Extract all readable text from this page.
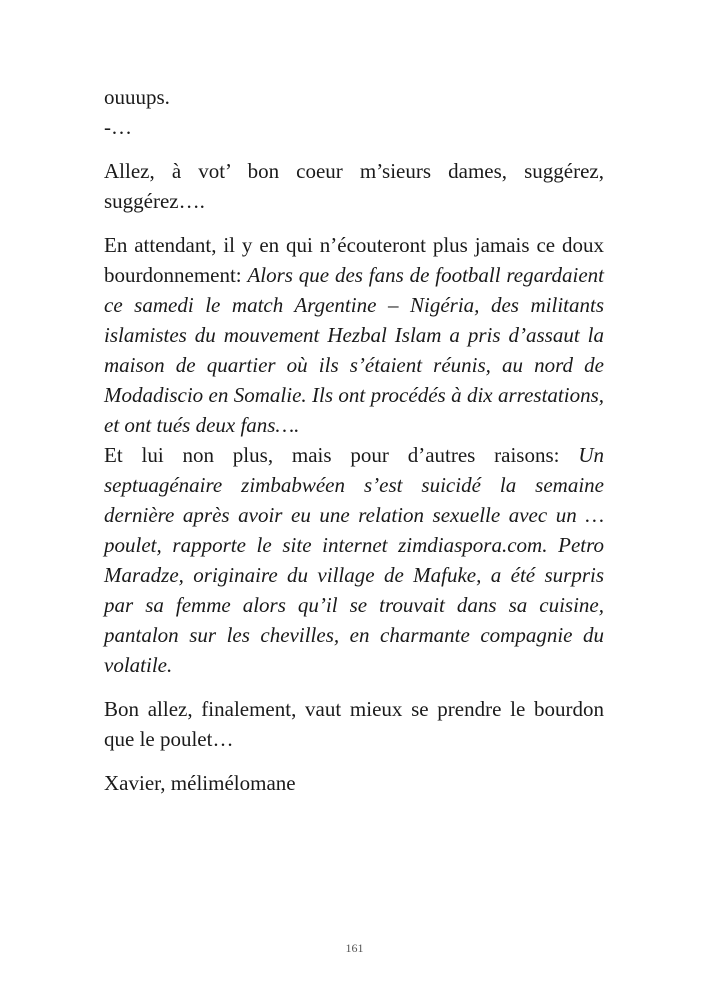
ouuups.
-…

Allez, à vot’ bon coeur m’sieurs dames, suggérez, suggérez….

En attendant, il y en qui n’écouteront plus jamais ce doux bourdonnement: Alors que des fans de football regardaient ce samedi le match Argentine – Nigéria, des militants islamistes du mouvement Hezbal Islam a pris d’assaut la maison de quartier où ils s’étaient réunis, au nord de Modadiscio en Somalie. Ils ont procédés à dix arrestations, et ont tués deux fans….

Et lui non plus, mais pour d’autres raisons: Un septuagénaire zimbabwéen s’est suicidé la semaine dernière après avoir eu une relation sexuelle avec un … poulet, rapporte le site internet zimdiaspora.com. Petro Maradze, originaire du village de Mafuke, a été surpris par sa femme alors qu’il se trouvait dans sa cuisine, pantalon sur les chevilles, en charmante compagnie du volatile.

Bon allez, finalement, vaut mieux se prendre le bourdon que le poulet…

Xavier, mélimélomane

161
